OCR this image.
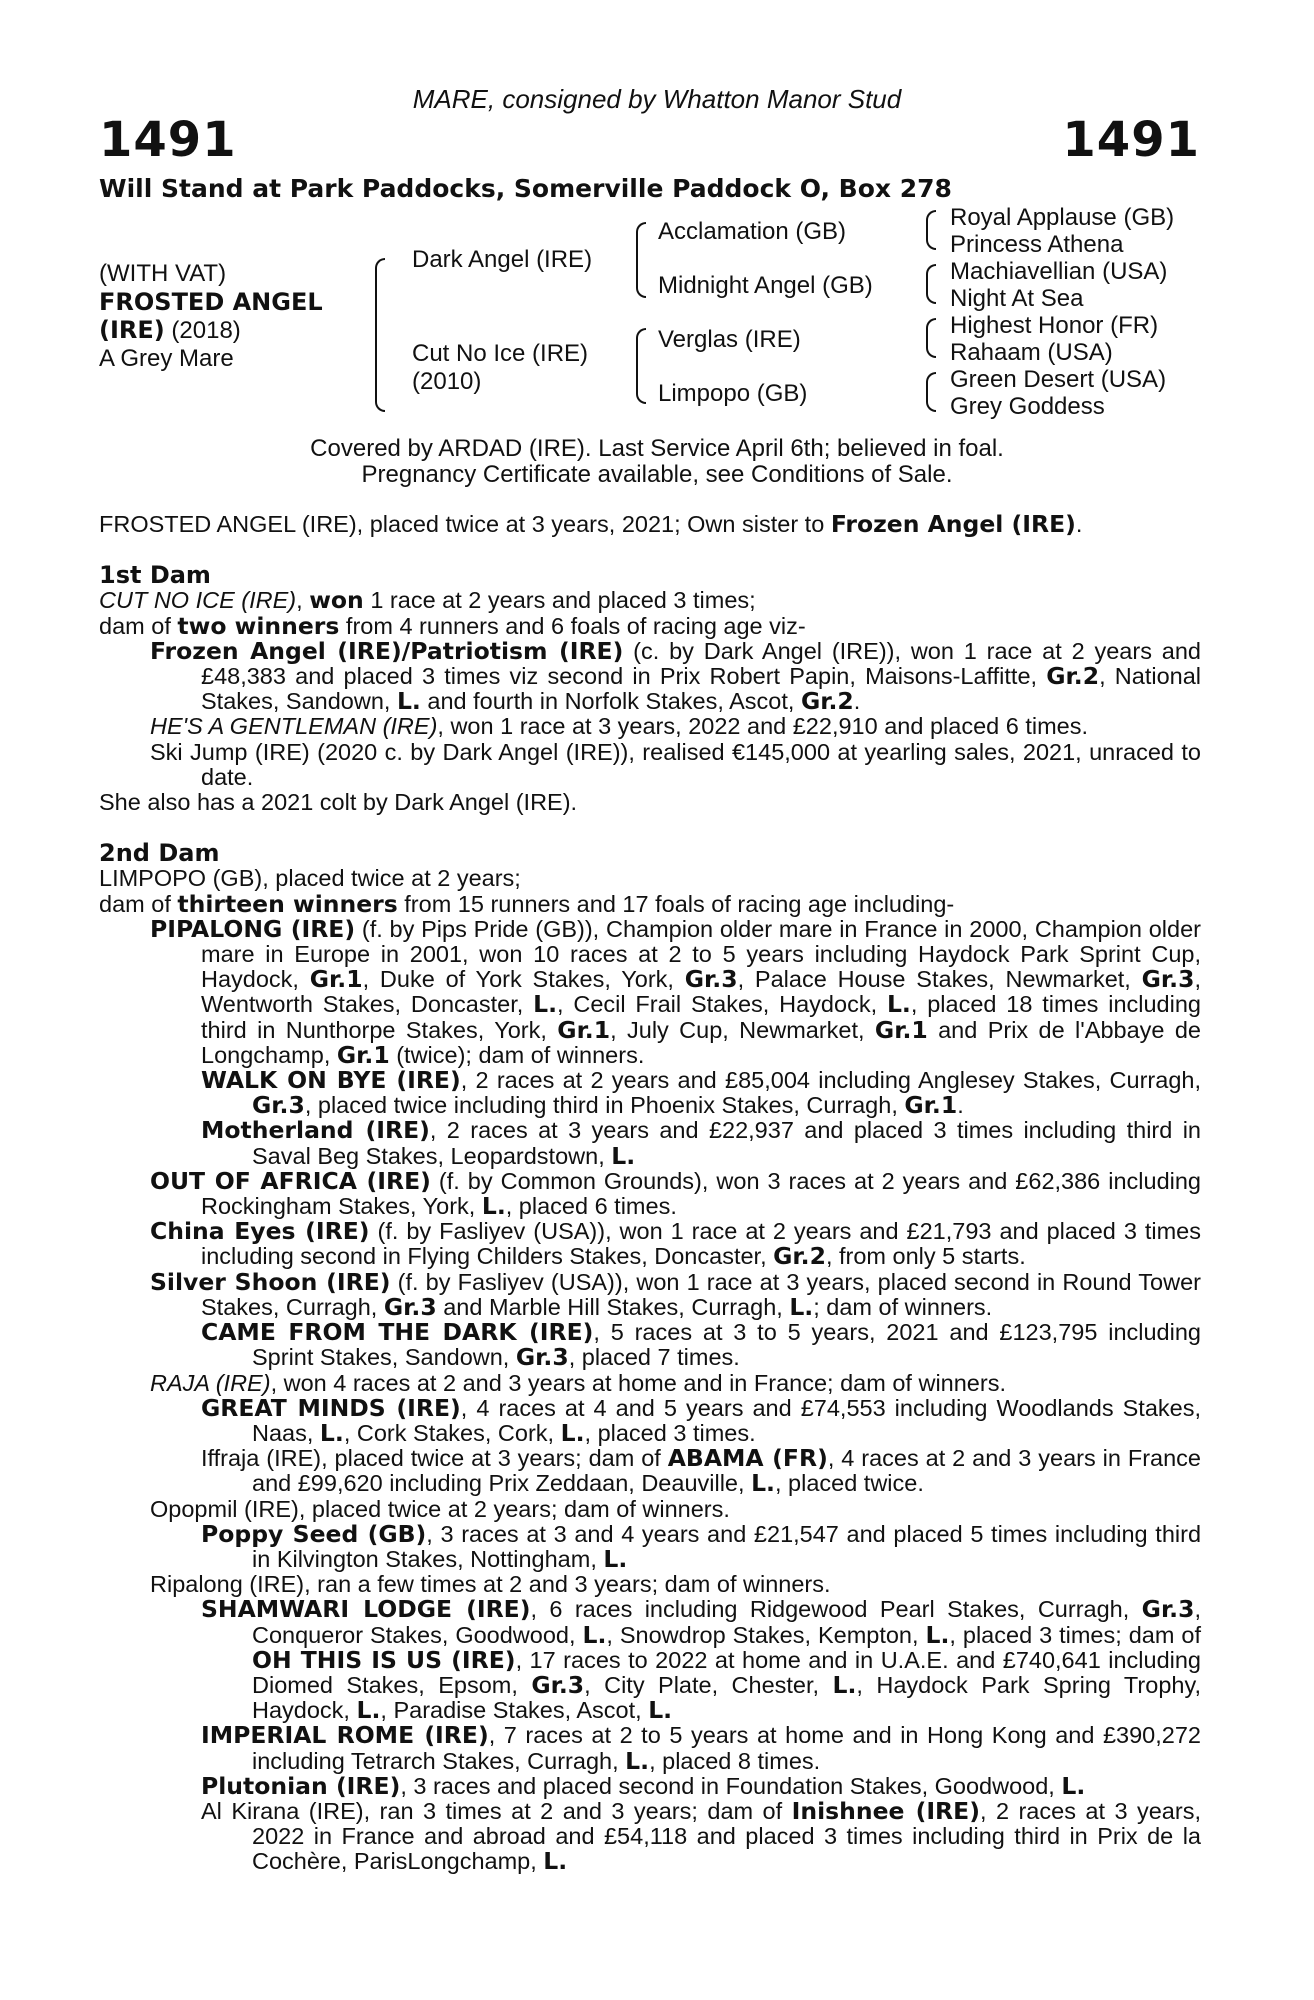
MARE, consigned by Whatton Manor Stud
1491	1491
Will Stand at Park Paddocks, Somerville Paddock O, Box 278
(WITH VAT)
FROSTED ANGEL
(IRE) (2018)
A Grey Mare
Dark Angel (IRE)
Cut No Ice (IRE)
(2010)
Acclamation (GB)
Midnight Angel (GB)
Verglas (IRE)
Limpopo (GB)
Royal Applause (GB)
Princess Athena
Machiavellian (USA)
Night At Sea
Highest Honor (FR)
Rahaam (USA)
Green Desert (USA)
Grey Goddess
Covered by ARDAD (IRE). Last Service April 6th; believed in foal.
Pregnancy Certificate available, see Conditions of Sale.

FROSTED ANGEL (IRE), placed twice at 3 years, 2021; Own sister to Frozen Angel (IRE).

1st Dam

CUT NO ICE (IRE), won 1 race at 2 years and placed 3 times;

dam of two winners from 4 runners and 6 foals of racing age viz-

Frozen Angel (IRE)/Patriotism (IRE) (c. by Dark Angel (IRE)), won 1 race at 2 years and £48,383 and placed 3 times viz second in Prix Robert Papin, Maisons-Laffitte, Gr.2, National Stakes, Sandown, L. and fourth in Norfolk Stakes, Ascot, Gr.2.

HE'S A GENTLEMAN (IRE), won 1 race at 3 years, 2022 and £22,910 and placed 6 times.

Ski Jump (IRE) (2020 c. by Dark Angel (IRE)), realised €145,000 at yearling sales, 2021, unraced to date.

She also has a 2021 colt by Dark Angel (IRE).

2nd Dam

LIMPOPO (GB), placed twice at 2 years;

dam of thirteen winners from 15 runners and 17 foals of racing age including-

PIPALONG (IRE) (f. by Pips Pride (GB)), Champion older mare in France in 2000, Champion older mare in Europe in 2001, won 10 races at 2 to 5 years including Haydock Park Sprint Cup, Haydock, Gr.1, Duke of York Stakes, York, Gr.3, Palace House Stakes, Newmarket, Gr.3, Wentworth Stakes, Doncaster, L., Cecil Frail Stakes, Haydock, L., placed 18 times including third in Nunthorpe Stakes, York, Gr.1, July Cup, Newmarket, Gr.1 and Prix de l'Abbaye de Longchamp, Gr.1 (twice); dam of winners.

WALK ON BYE (IRE), 2 races at 2 years and £85,004 including Anglesey Stakes, Curragh, Gr.3, placed twice including third in Phoenix Stakes, Curragh, Gr.1.

Motherland (IRE), 2 races at 3 years and £22,937 and placed 3 times including third in Saval Beg Stakes, Leopardstown, L.

OUT OF AFRICA (IRE) (f. by Common Grounds), won 3 races at 2 years and £62,386 including Rockingham Stakes, York, L., placed 6 times.

China Eyes (IRE) (f. by Fasliyev (USA)), won 1 race at 2 years and £21,793 and placed 3 times including second in Flying Childers Stakes, Doncaster, Gr.2, from only 5 starts.

Silver Shoon (IRE) (f. by Fasliyev (USA)), won 1 race at 3 years, placed second in Round Tower Stakes, Curragh, Gr.3 and Marble Hill Stakes, Curragh, L.; dam of winners.

CAME FROM THE DARK (IRE), 5 races at 3 to 5 years, 2021 and £123,795 including Sprint Stakes, Sandown, Gr.3, placed 7 times.

RAJA (IRE), won 4 races at 2 and 3 years at home and in France; dam of winners.

GREAT MINDS (IRE), 4 races at 4 and 5 years and £74,553 including Woodlands Stakes, Naas, L., Cork Stakes, Cork, L., placed 3 times.

Iffraja (IRE), placed twice at 3 years; dam of ABAMA (FR), 4 races at 2 and 3 years in France and £99,620 including Prix Zeddaan, Deauville, L., placed twice.

Opopmil (IRE), placed twice at 2 years; dam of winners.

Poppy Seed (GB), 3 races at 3 and 4 years and £21,547 and placed 5 times including third in Kilvington Stakes, Nottingham, L.

Ripalong (IRE), ran a few times at 2 and 3 years; dam of winners.

SHAMWARI LODGE (IRE), 6 races including Ridgewood Pearl Stakes, Curragh, Gr.3, Conqueror Stakes, Goodwood, L., Snowdrop Stakes, Kempton, L., placed 3 times; dam of OH THIS IS US (IRE), 17 races to 2022 at home and in U.A.E. and £740,641 including Diomed Stakes, Epsom, Gr.3, City Plate, Chester, L., Haydock Park Spring Trophy, Haydock, L., Paradise Stakes, Ascot, L.

IMPERIAL ROME (IRE), 7 races at 2 to 5 years at home and in Hong Kong and £390,272 including Tetrarch Stakes, Curragh, L., placed 8 times.

Plutonian (IRE), 3 races and placed second in Foundation Stakes, Goodwood, L.

Al Kirana (IRE), ran 3 times at 2 and 3 years; dam of Inishnee (IRE), 2 races at 3 years, 2022 in France and abroad and £54,118 and placed 3 times including third in Prix de la Cochère, ParisLongchamp, L.
